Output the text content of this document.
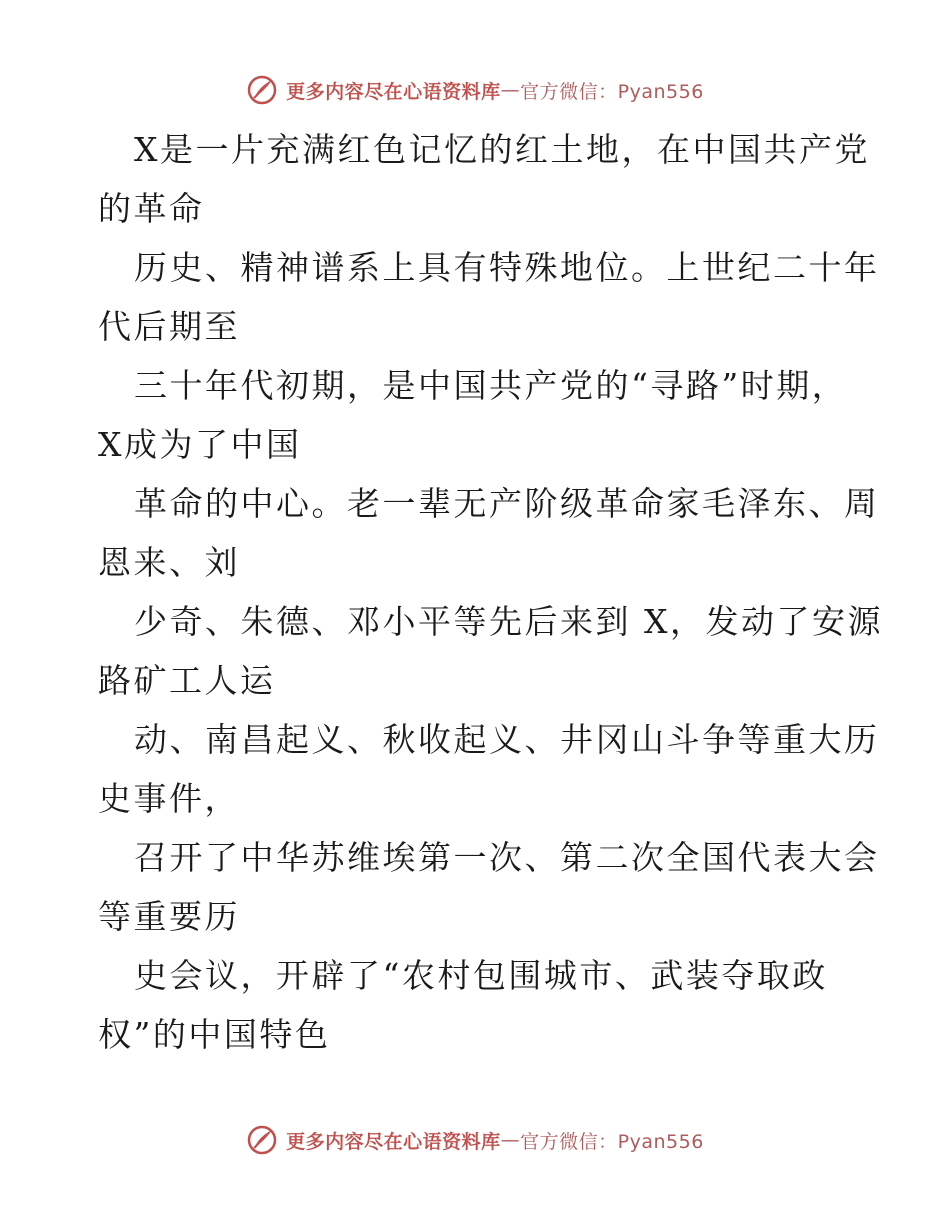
更多内容尽在心语资料库 — 官方微信：Pyan556
X是一片充满红色记忆的红土地，在中国共产党
的革命
历史、精神谱系上具有特殊地位。上世纪二十年
代后期至
三十年代初期，是中国共产党的“寻路”时期，
X成为了中国
革命的中心。老一辈无产阶级革命家毛泽东、周
恩来、刘
少奇、朱德、邓小平等先后来到 X，发动了安源
路矿工人运
动、南昌起义、秋收起义、井冈山斗争等重大历
史事件，
召开了中华苏维埃第一次、第二次全国代表大会
等重要历
史会议，开辟了“农村包围城市、武装夺取政
权”的中国特色
更多内容尽在心语资料库 — 官方微信：Pyan556
